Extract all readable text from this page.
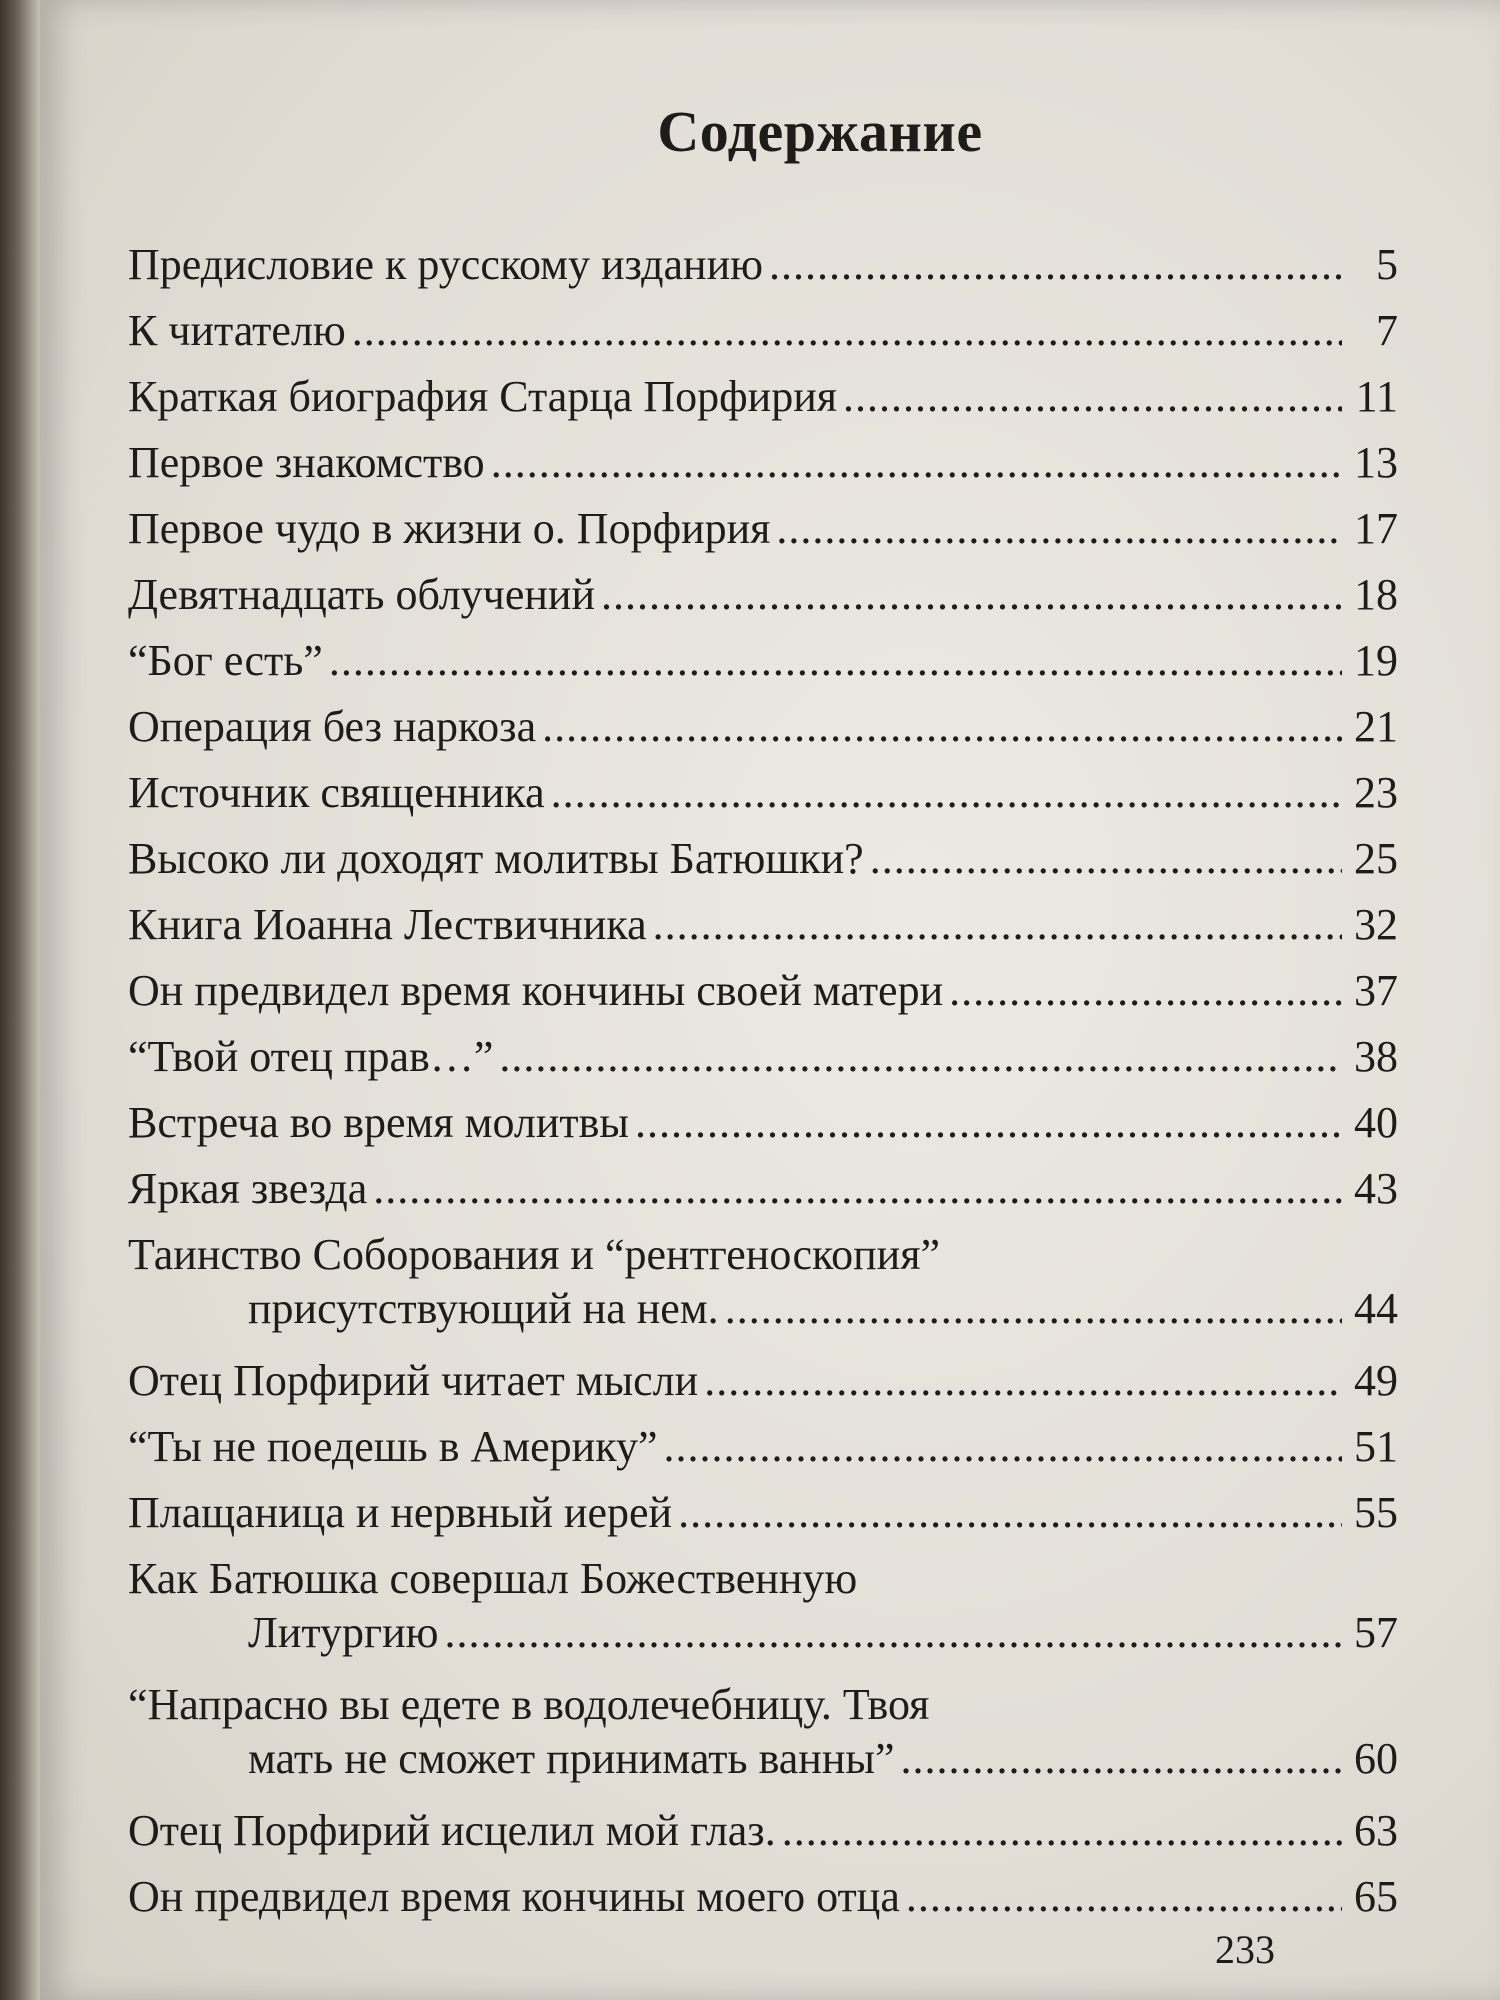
Содержание
Предисловие к русскому изданию .....	5
К читателю .....	7
Краткая биография Старца Порфирия .....	11
Первое знакомство .....	13
Первое чудо в жизни о. Порфирия .....	17
Девятнадцать облучений .....	18
“Бог есть” .....	19
Операция без наркоза .....	21
Источник священника .....	23
Высоко ли доходят молитвы Батюшки? .....	25
Книга Иоанна Лествичника .....	32
Он предвидел время кончины своей матери .....	37
“Твой отец прав…” .....	38
Встреча во время молитвы .....	40
Яркая звезда .....	43
Таинство Соборования и “рентгеноскопия”
присутствующий на нем. .....	44
Отец Порфирий читает мысли .....	49
“Ты не поедешь в Америку” .....	51
Плащаница и нервный иерей .....	55
Как Батюшка совершал Божественную
Литургию .....	57
“Напрасно вы едете в водолечебницу. Твоя
мать не сможет принимать ванны” .....	60
Отец Порфирий исцелил мой глаз. .....	63
Он предвидел время кончины моего отца .....	65
233
